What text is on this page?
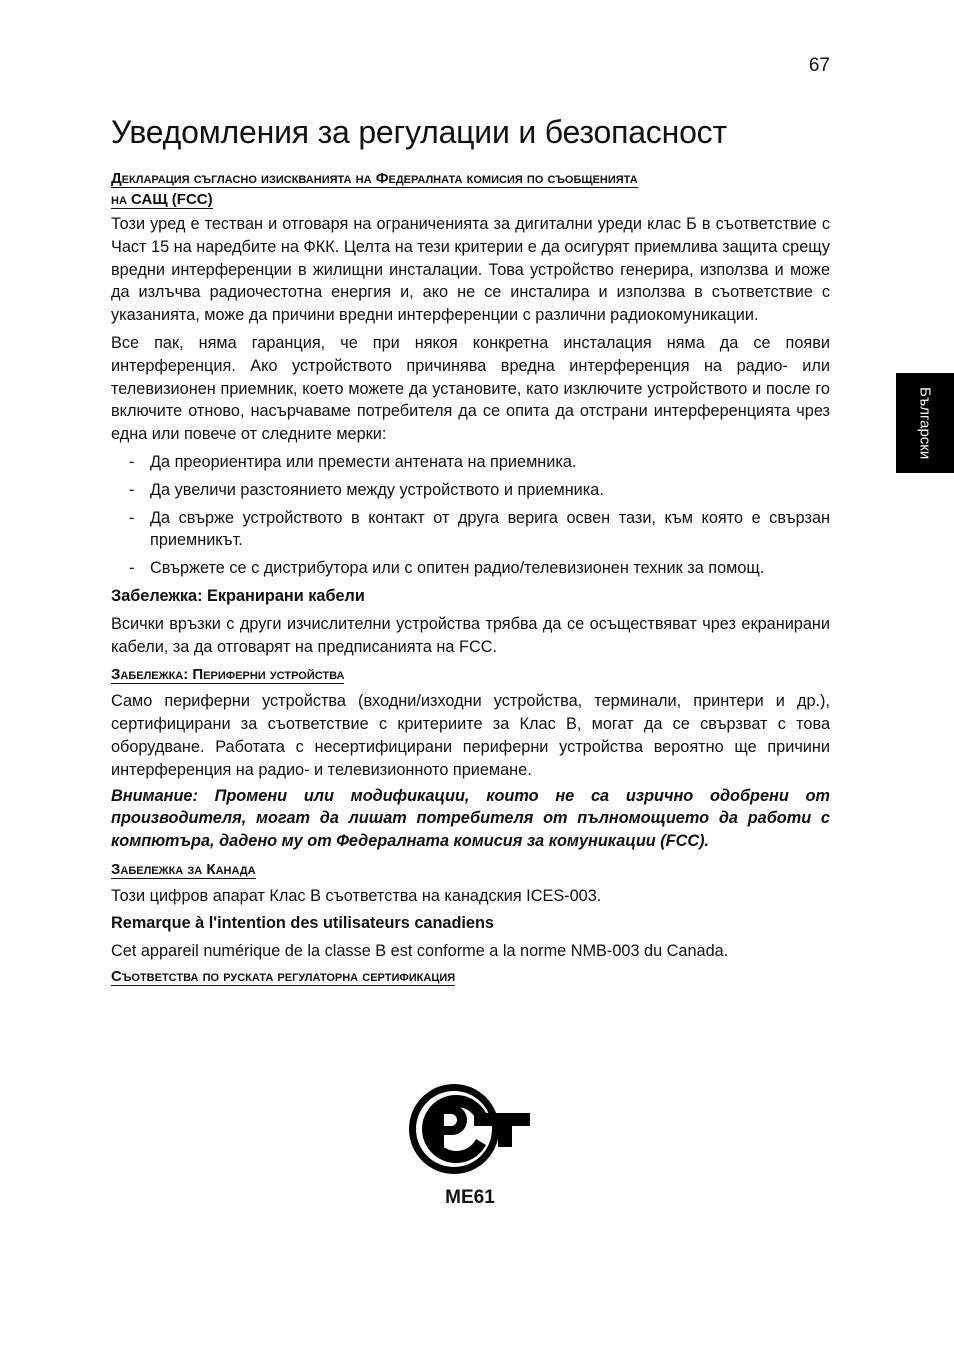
67
Уведомления за регулации и безопасност
Български
Декларация съгласно изискванията на Федералната комисия по съобщенията
на САЩ (FCC)

Този уред е тестван и отговаря на ограниченията за дигитални уреди клас Б в съответствие с Част 15 на наредбите на ФКК. Целта на тези критерии е да осигурят приемлива защита срещу вредни интерференции в жилищни инсталации. Това устройство генерира, използва и може да излъчва радиочестотна енергия и, ако не се инсталира и използва в съответствие с указанията, може да причини вредни интерференции с различни радиокомуникации.

Все пак, няма гаранция, че при някоя конкретна инсталация няма да се появи интерференция. Ако устройството причинява вредна интерференция на радио- или телевизионен приемник, което можете да установите, като изключите устройството и после го включите отново, насърчаваме потребителя да се опита да отстрани интерференцията чрез една или повече от следните мерки:

- Да преориентира или премести антената на приемника.
- Да увеличи разстоянието между устройството и приемника.
- Да свърже устройството в контакт от друга верига освен тази, към която е свързан приемникът.
- Свържете се с дистрибутора или с опитен радио/телевизионен техник за помощ.

Забележка: Екранирани кабели

Всички връзки с други изчислителни устройства трябва да се осъществяват чрез екранирани кабели, за да отговарят на предписанията на FCC.

Забележка: Периферни устройства

Само периферни устройства (входни/изходни устройства, терминали, принтери и др.), сертифицирани за съответствие с критериите за Клас B, могат да се свързват с това оборудване. Работата с несертифицирани периферни устройства вероятно ще причини интерференция на радио- и телевизионното приемане.

Внимание: Промени или модификации, които не са изрично одобрени от производителя, могат да лишат потребителя от пълномощието да работи с компютъра, дадено му от Федералната комисия за комуникации (FCC).

Забележка за Канада

Този цифров апарат Клас B съответства на канадския ICES-003.

Remarque à l'intention des utilisateurs canadiens

Cet appareil numérique de la classe B est conforme a la norme NMB-003 du Canada.

Съответства по руската регулаторна сертификация
ME61
